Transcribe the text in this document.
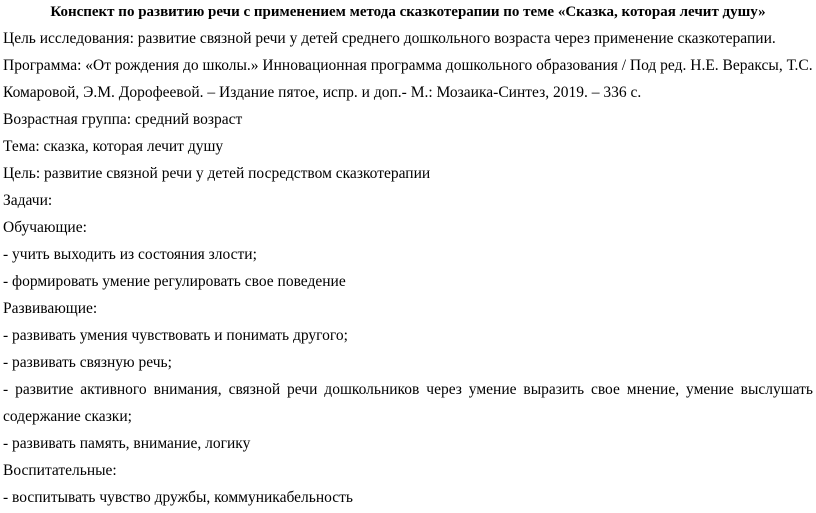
Конспект по развитию речи с применением метода сказкотерапии по теме «Сказка, которая лечит душу»
Цель исследования: развитие связной речи у детей среднего дошкольного возраста через применение сказкотерапии.
Программа: «От рождения до школы.» Инновационная программа дошкольного образования / Под ред. Н.Е. Вераксы, Т.С.
Комаровой, Э.М. Дорофеевой. – Издание пятое, испр. и доп.- М.: Мозаика-Синтез, 2019. – 336 с.
Возрастная группа: средний возраст
Тема: сказка, которая лечит душу
Цель: развитие связной речи у детей посредством сказкотерапии
Задачи:
Обучающие:
- учить выходить из состояния злости;
- формировать умение регулировать свое поведение
Развивающие:
- развивать умения чувствовать и понимать другого;
- развивать связную речь;
- развитие активного внимания, связной речи дошкольников через умение выразить свое мнение, умение выслушать
содержание сказки;
- развивать память, внимание, логику
Воспитательные:
- воспитывать чувство дружбы, коммуникабельность
